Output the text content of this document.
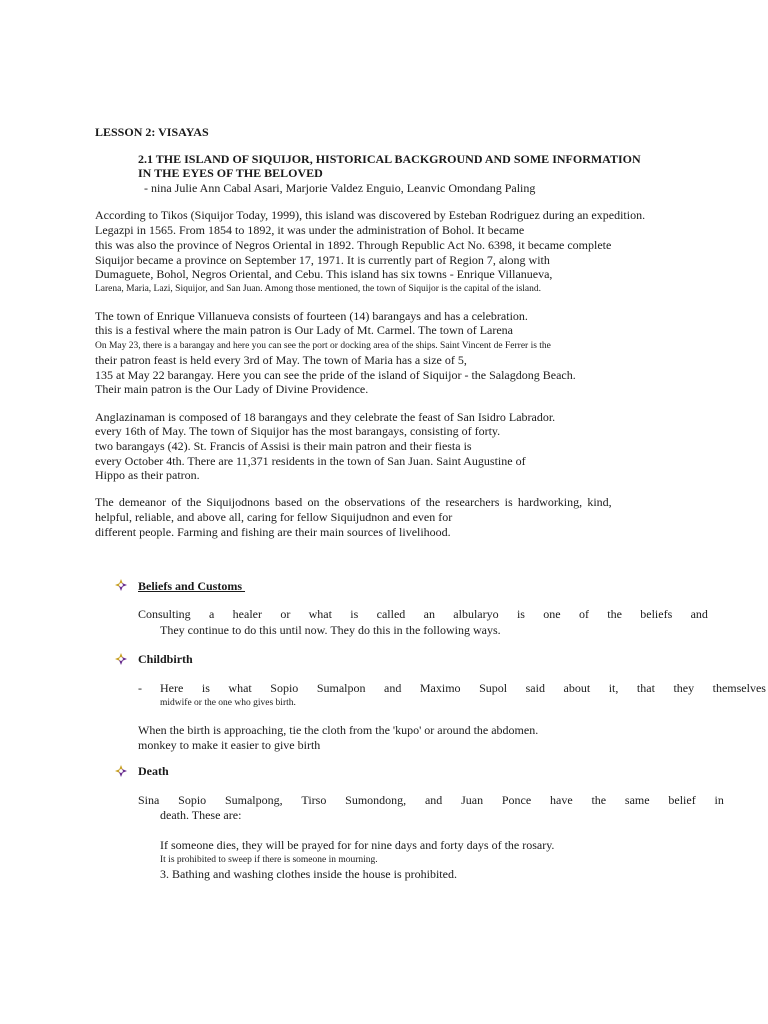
LESSON 2: VISAYAS
2.1 THE ISLAND OF SIQUIJOR, HISTORICAL BACKGROUND AND SOME INFORMATION
IN THE EYES OF THE BELOVED
- nina Julie Ann Cabal Asari, Marjorie Valdez Enguio, Leanvic Omondang Paling
According to Tikos (Siquijor Today, 1999), this island was discovered by Esteban Rodriguez during an expedition.
Legazpi in 1565. From 1854 to 1892, it was under the administration of Bohol. It became
this was also the province of Negros Oriental in 1892. Through Republic Act No. 6398, it became complete
Siquijor became a province on September 17, 1971. It is currently part of Region 7, along with
Dumaguete, Bohol, Negros Oriental, and Cebu. This island has six towns - Enrique Villanueva,
Larena, Maria, Lazi, Siquijor, and San Juan. Among those mentioned, the town of Siquijor is the capital of the island.
The town of Enrique Villanueva consists of fourteen (14) barangays and has a celebration.
this is a festival where the main patron is Our Lady of Mt. Carmel. The town of Larena
On May 23, there is a barangay and here you can see the port or docking area of the ships. Saint Vincent de Ferrer is the
their patron feast is held every 3rd of May. The town of Maria has a size of 5,
135 at May 22 barangay. Here you can see the pride of the island of Siquijor - the Salagdong Beach.
Their main patron is the Our Lady of Divine Providence.
Anglazinaman is composed of 18 barangays and they celebrate the feast of San Isidro Labrador.
every 16th of May. The town of Siquijor has the most barangays, consisting of forty.
two barangays (42). St. Francis of Assisi is their main patron and their fiesta is
every October 4th. There are 11,371 residents in the town of San Juan. Saint Augustine of
Hippo as their patron.
The demeanor of the Siquijodnons based on the observations of the researchers is hardworking, kind,
helpful, reliable, and above all, caring for fellow Siquijudnon and even for
different people. Farming and fishing are their main sources of livelihood.
Beliefs and Customs
Consulting a healer or what is called an albularyo is one of the beliefs and
They continue to do this until now. They do this in the following ways.
Childbirth
- Here is what Sopio Sumalpon and Maximo Supol said about it, that they themselves
midwife or the one who gives birth.
When the birth is approaching, tie the cloth from the 'kupo' or around the abdomen.
monkey to make it easier to give birth
Death
Sina Sopio Sumalpong, Tirso Sumondong, and Juan Ponce have the same belief in
death. These are:
If someone dies, they will be prayed for for nine days and forty days of the rosary.
It is prohibited to sweep if there is someone in mourning.
3. Bathing and washing clothes inside the house is prohibited.
